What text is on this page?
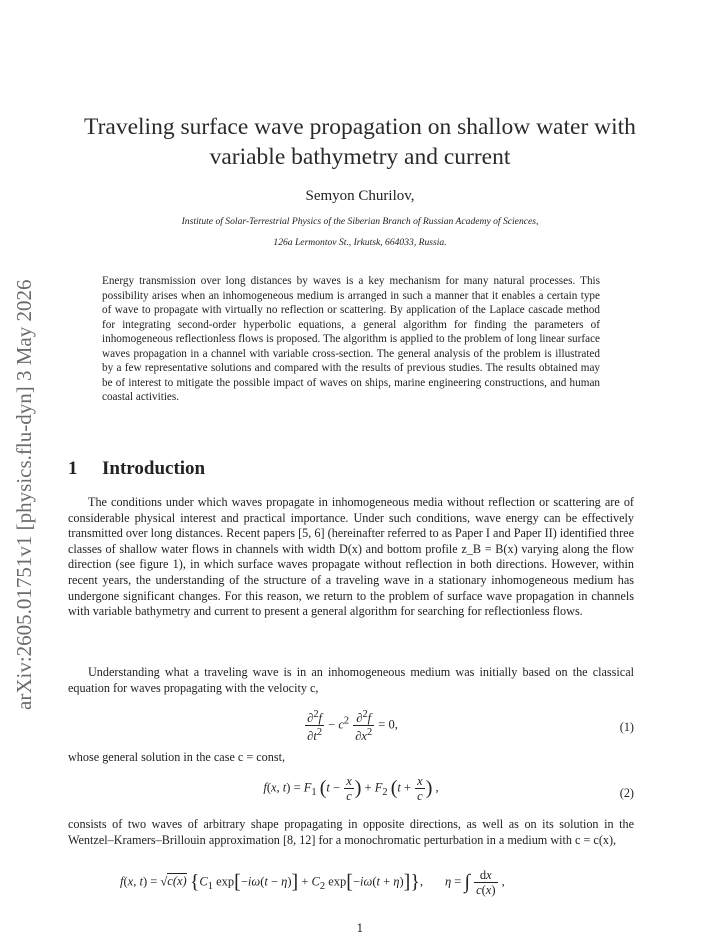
arXiv:2605.01751v1 [physics.flu-dyn] 3 May 2026
Traveling surface wave propagation on shallow water with
variable bathymetry and current
Semyon Churilov,
Institute of Solar-Terrestrial Physics of the Siberian Branch of Russian Academy of Sciences,
126a Lermontov St., Irkutsk, 664033, Russia.
Energy transmission over long distances by waves is a key mechanism for many natural processes. This possibility arises when an inhomogeneous medium is arranged in such a manner that it enables a certain type of wave to propagate with virtually no reflection or scattering. By application of the Laplace cascade method for integrating second-order hyperbolic equations, a general algorithm for finding the parameters of inhomogeneous reflectionless flows is proposed. The algorithm is applied to the problem of long linear surface waves propagation in a channel with variable cross-section. The general analysis of the problem is illustrated by a few representative solutions and compared with the results of previous studies. The results obtained may be of interest to mitigate the possible impact of waves on ships, marine engineering constructions, and human coastal activities.
1 Introduction
The conditions under which waves propagate in inhomogeneous media without reflection or scattering are of considerable physical interest and practical importance. Under such conditions, wave energy can be effectively transmitted over long distances. Recent papers [5, 6] (hereinafter referred to as Paper I and Paper II) identified three classes of shallow water flows in channels with width D(x) and bottom profile z_B = B(x) varying along the flow direction (see figure 1), in which surface waves propagate without reflection in both directions. However, within recent years, the understanding of the structure of a traveling wave in a stationary inhomogeneous medium has undergone significant changes. For this reason, we return to the problem of surface wave propagation in channels with variable bathymetry and current to present a general algorithm for searching for reflectionless flows.
Understanding what a traveling wave is in an inhomogeneous medium was initially based on the classical equation for waves propagating with the velocity c,
$\frac{\partial^2f}{\partial t^2} - c^2 \frac{\partial^2f}{\partial x^2} = 0$,	(1)
whose general solution in the case c = const,
f(x, $t) = F_1$ ($t - \frac{x}{c}$ ) + $F_2$ ($t + \frac{x}{c}$ ) ,	(2)
consists of two waves of arbitrary shape propagating in opposite directions, as well as on its solution in the Wentzel–Kramers–Brillouin approximation [8, 12] for a monochromatic perturbation in a medium with c = c(x),
f(x, t) = √c(x) {$C_1$ $\exp[-i\omega(t - \eta)] + C_2$ exp[−iω(t + η)]},       η = ∫ $\frac{dx}{c(x)}$ ,
1
